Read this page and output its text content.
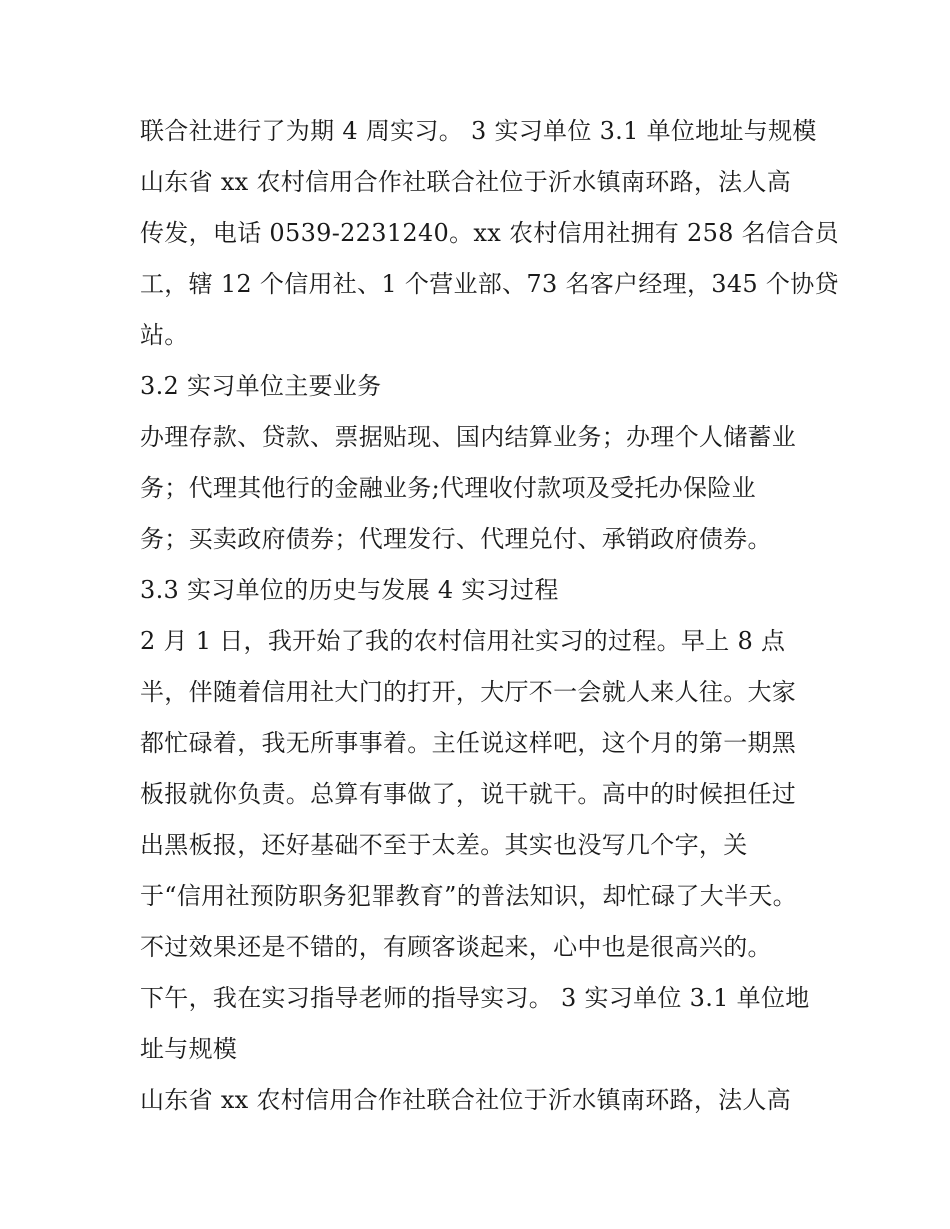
联合社进行了为期 4 周实习。 3 实习单位 3.1 单位地址与规模
山东省 xx 农村信用合作社联合社位于沂水镇南环路，法人高
传发，电话 0539-2231240。xx 农村信用社拥有 258 名信合员
工，辖 12 个信用社、1 个营业部、73 名客户经理，345 个协贷
站。
3.2 实习单位主要业务
办理存款、贷款、票据贴现、国内结算业务；办理个人储蓄业
务；代理其他行的金融业务;代理收付款项及受托办保险业
务；买卖政府债券；代理发行、代理兑付、承销政府债券。
3.3 实习单位的历史与发展 4 实习过程
2 月 1 日，我开始了我的农村信用社实习的过程。早上 8 点
半，伴随着信用社大门的打开，大厅不一会就人来人往。大家
都忙碌着，我无所事事着。主任说这样吧，这个月的第一期黑
板报就你负责。总算有事做了，说干就干。高中的时候担任过
出黑板报，还好基础不至于太差。其实也没写几个字，关
于“信用社预防职务犯罪教育”的普法知识，却忙碌了大半天。
不过效果还是不错的，有顾客谈起来，心中也是很高兴的。
下午，我在实习指导老师的指导实习。 3 实习单位 3.1 单位地
址与规模
山东省 xx 农村信用合作社联合社位于沂水镇南环路，法人高
